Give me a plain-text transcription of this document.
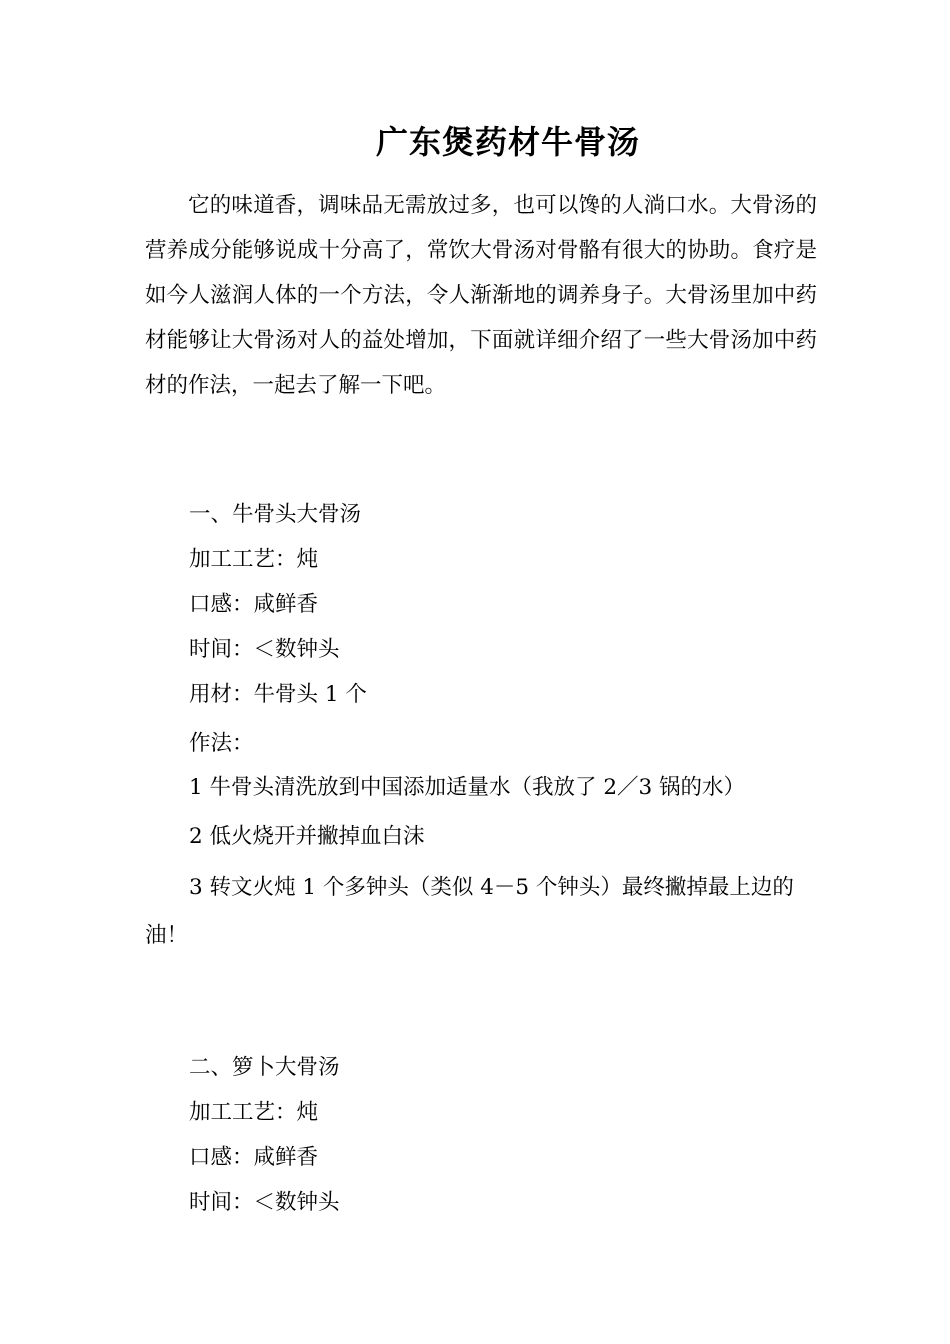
广东煲药材牛骨汤

它的味道香，调味品无需放过多，也可以馋的人淌口水。大骨汤的营养成分能够说成十分高了，常饮大骨汤对骨骼有很大的协助。食疗是如今人滋润人体的一个方法，令人渐渐地的调养身子。大骨汤里加中药材能够让大骨汤对人的益处增加，下面就详细介绍了一些大骨汤加中药材的作法，一起去了解一下吧。

一、牛骨头大骨汤

加工工艺：炖

口感：咸鲜香

时间：＜数钟头

用材：牛骨头 1 个

作法：

1 牛骨头清洗放到中国添加适量水（我放了 2／3 锅的水）

2 低火烧开并撇掉血白沫

3 转文火炖 1 个多钟头（类似 4－5 个钟头）最终撇掉最上边的油！

二、箩卜大骨汤

加工工艺：炖

口感：咸鲜香

时间：＜数钟头
